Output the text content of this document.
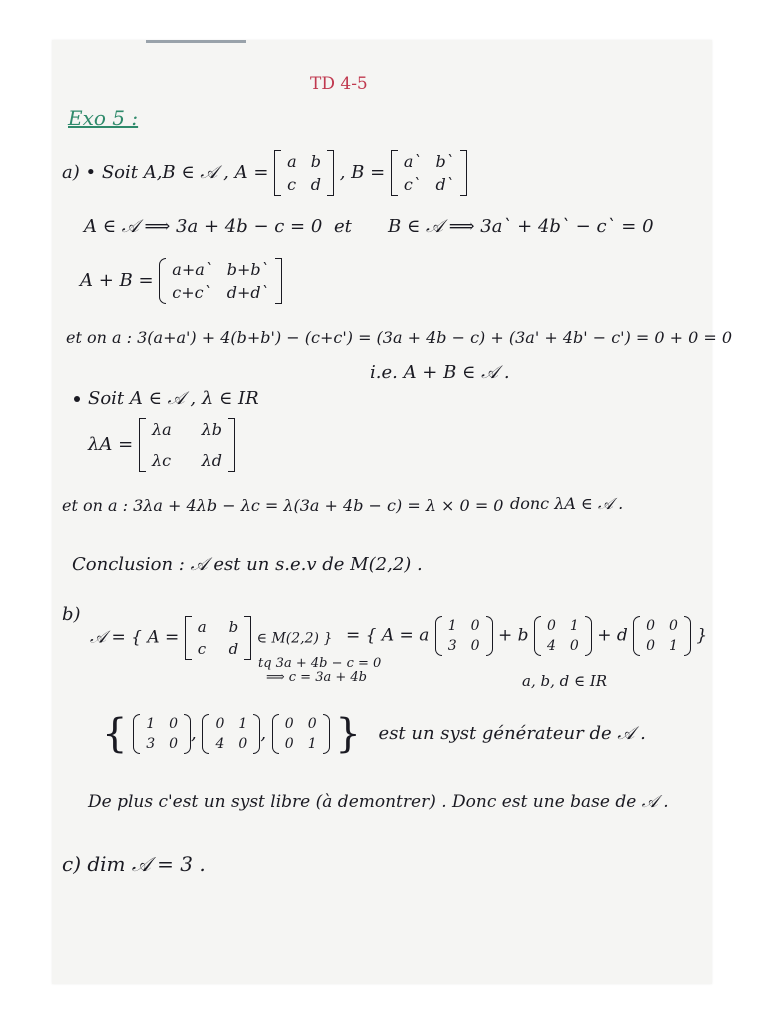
TD 4-5
Exo 5 :
a) • Soit A,B ∈ 𝒜 , A =
a b
c d
, B =
a` b`
c` d`
A ∈ 𝒜 ⟹ 3a + 4b − c = 0 et B ∈ 𝒜 ⟹ 3a` + 4b` − c` = 0
A + B =
a+a` b+b`
c+c` d+d`
et on a : 3(a+a') + 4(b+b') − (c+c') = (3a + 4b − c) + (3a' + 4b' − c') = 0 + 0 = 0
i.e. A + B ∈ 𝒜 .
Soit A ∈ 𝒜 , λ ∈ IR
λA =
λa λb
λc λd
et on a : 3λa + 4λb − λc = λ(3a + 4b − c) = λ × 0 = 0 donc λA ∈ 𝒜 .
Conclusion : 𝒜 est un s.e.v de M(2,2) .
b)
𝒜 = { A =
a b
c d
∈ M(2,2) }
tq 3a + 4b − c = 0
⟹ c = 3a + 4b
= { A = a 1 0
3 0
+ b 0 1
4 0
+ d 0 0
0 1
}
a, b, d ∈ IR
{ 1 0
3 0 , 0 1
4 0 , 0 0
0 1 } est un syst générateur de 𝒜 .
De plus c'est un syst libre (à demontrer) . Donc est une base de 𝒜 .
c) dim 𝒜 = 3 .
